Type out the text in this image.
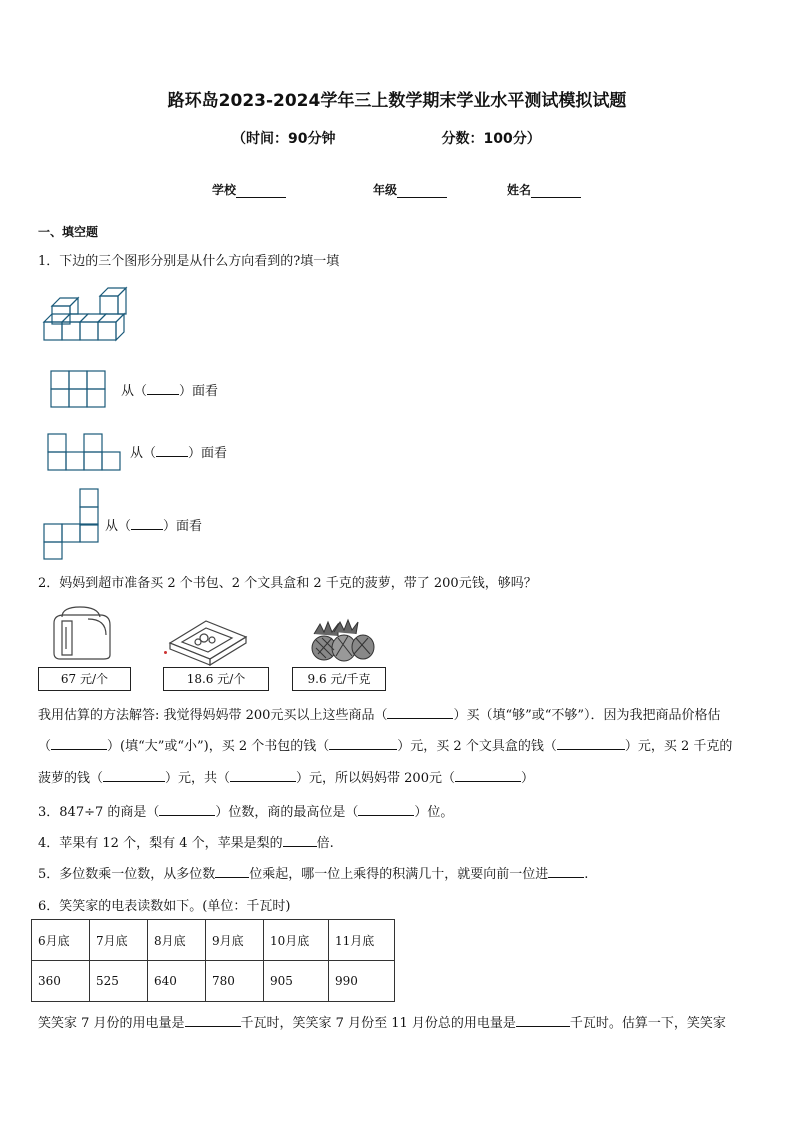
路环岛2023-2024学年三上数学期末学业水平测试模拟试题
（时间：90分钟	分数：100分）
学校	年级	姓名
一、填空题
1．下边的三个图形分别是从什么方向看到的?填一填
从（ ）面看
从（ ）面看
从（ ）面看
2．妈妈到超市准备买 2 个书包、2 个文具盒和 2 千克的菠萝，带了 200元钱，够吗？
67 元/个	18.6 元/个	9.6 元/千克
我用估算的方法解答: 我觉得妈妈带 200元买以上这些商品（	）买（填“够”或“不够”）．因为我把商品价格估
（	）(填“大”或“小”)，买 2 个书包的钱（	）元，买 2 个文具盒的钱（	）元，买 2 千克的
菠萝的钱（	）元，共（	）元，所以妈妈带 200元（	）
3．847÷7 的商是（	）位数，商的最高位是（	）位。
4．苹果有 12 个，梨有 4 个，苹果是梨的	倍.
5．多位数乘一位数，从多位数	位乘起，哪一位上乘得的积满几十，就要向前一位进	.
6．笑笑家的电表读数如下。(单位：千瓦时)
6月底	7月底	8月底	9月底	10月底	11月底
360	525	640	780	905	990
笑笑家 7 月份的用电量是	千瓦时，笑笑家 7 月份至 11 月份总的用电量是	千瓦时。估算一下，笑笑家
